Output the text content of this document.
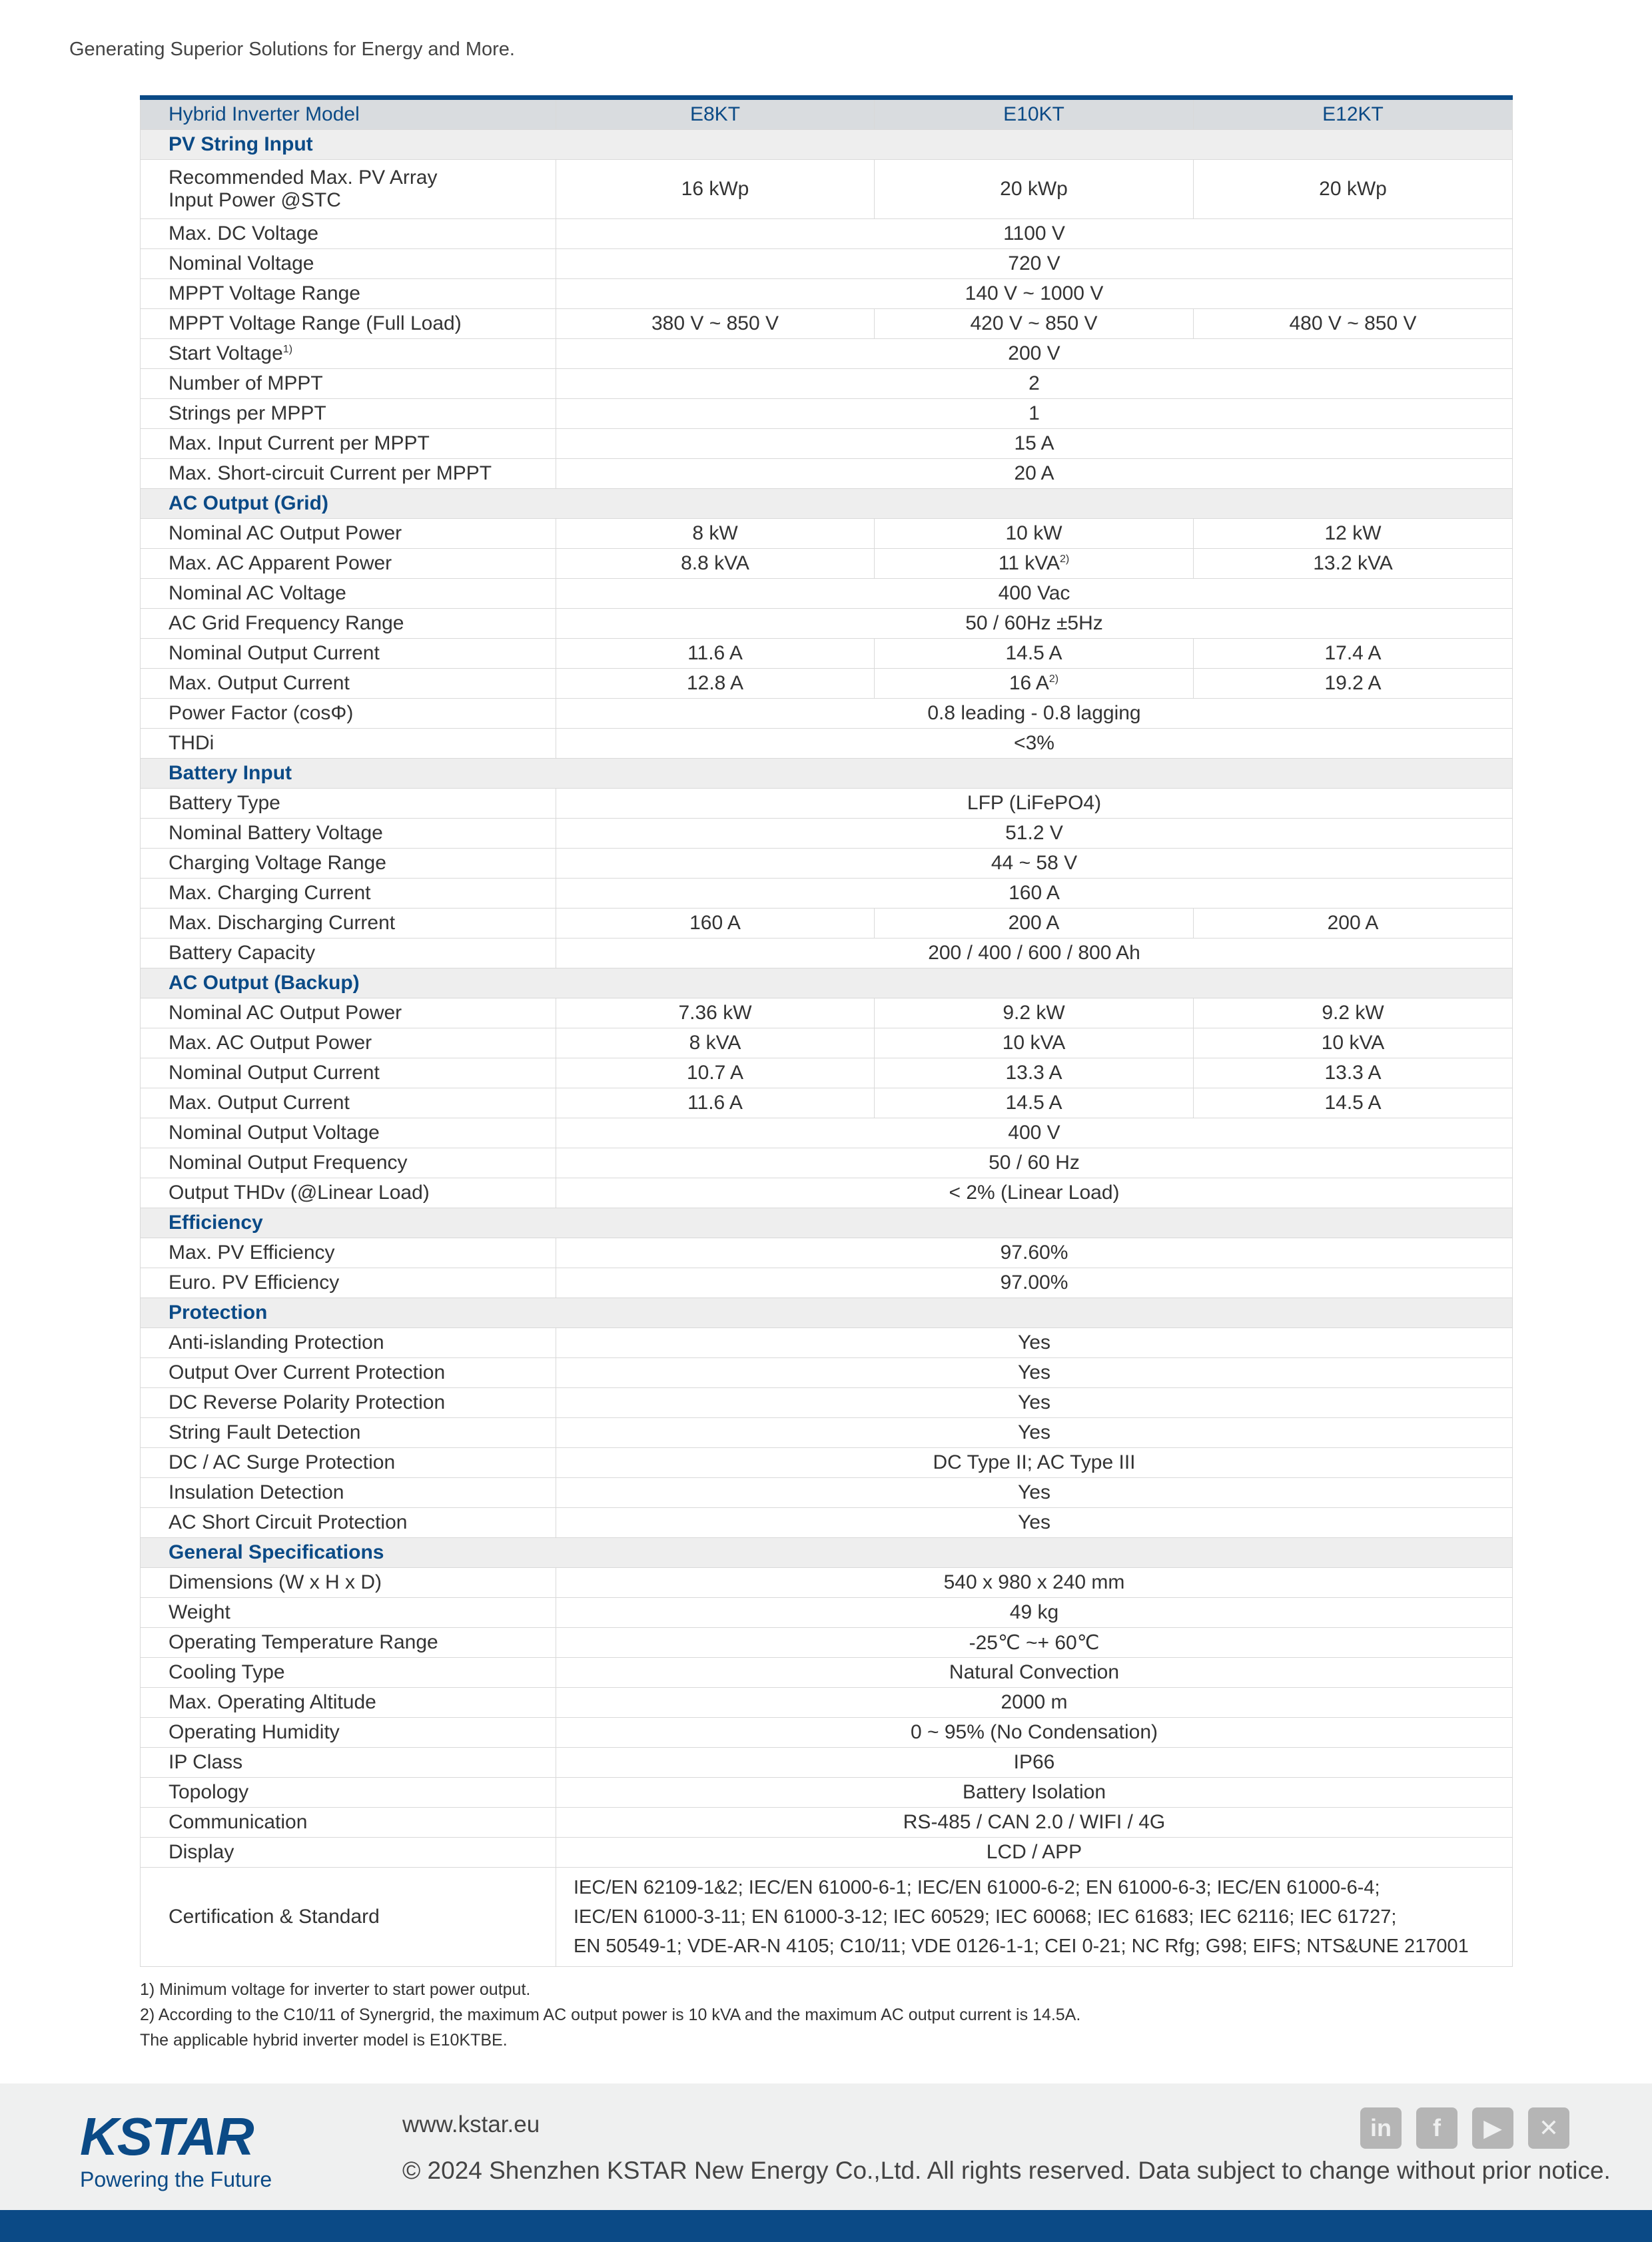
Generating Superior Solutions for Energy and More.
Hybrid Inverter Model	E8KT	E10KT	E12KT
PV String Input			
Recommended Max. PV Array
Input Power @STC	16 kWp	20 kWp	20 kWp
Max. DC Voltage	1100 V		
Nominal Voltage	720 V		
MPPT Voltage Range	140 V ~ 1000 V		
MPPT Voltage Range (Full Load)	380 V ~ 850 V	420 V ~ 850 V	480 V ~ 850 V
Start Voltage$^{1)}$	200 V		
Number of MPPT	2		
Strings per MPPT	1		
Max. Input Current per MPPT	15 A		
Max. Short-circuit Current per MPPT	20 A		
AC Output (Grid)			
Nominal AC Output Power	8 kW	10 kW	12 kW
Max. AC Apparent Power	8.8 kVA	11 kVA$^{2)}$	13.2 kVA
Nominal AC Voltage	400 Vac		
AC Grid Frequency Range	50 / 60Hz ±5Hz		
Nominal Output Current	11.6 A	14.5 A	17.4 A
Max. Output Current	12.8 A	16 $A^{2)}$	19.2 A
Power Factor (cosΦ)	0.8 leading - 0.8 lagging		
THDi	<3%		
Battery Input			
Battery Type	LFP (LiFePO4)		
Nominal Battery Voltage	51.2 V		
Charging Voltage Range	44 ~ 58 V		
Max. Charging Current	160 A		
Max. Discharging Current	160 A	200 A	200 A
Battery Capacity	200 / 400 / 600 / 800 Ah		
AC Output (Backup)			
Nominal AC Output Power	7.36 kW	9.2 kW	9.2 kW
Max. AC Output Power	8 kVA	10 kVA	10 kVA
Nominal Output Current	10.7 A	13.3 A	13.3 A
Max. Output Current	11.6 A	14.5 A	14.5 A
Nominal Output Voltage	400 V		
Nominal Output Frequency	50 / 60 Hz		
Output THDv (@Linear Load)	< 2% (Linear Load)		
Efficiency			
Max. PV Efficiency	97.60%		
Euro. PV Efficiency	97.00%		
Protection			
Anti-islanding Protection	Yes		
Output Over Current Protection	Yes		
DC Reverse Polarity Protection	Yes		
String Fault Detection	Yes		
DC / AC Surge Protection	DC Type II; AC Type III		
Insulation Detection	Yes		
AC Short Circuit Protection	Yes		
General Specifications			
Dimensions (W x H x D)	540 x 980 x 240 mm		
Weight	49 kg		
Operating Temperature Range	-25℃ ~+ 60℃		
Cooling Type	Natural Convection		
Max. Operating Altitude	2000 m		
Operating Humidity	0 ~ 95% (No Condensation)		
IP Class	IP66		
Topology	Battery Isolation		
Communication	RS-485 / CAN 2.0 / WIFI / 4G		
Display	LCD / APP		
Certification & Standard	IEC/EN 62109-1&2; IEC/EN 61000-6-1; IEC/EN 61000-6-2; EN 61000-6-3; IEC/EN 61000-6-4;
IEC/EN 61000-3-11; EN 61000-3-12; IEC 60529; IEC 60068; IEC 61683; IEC 62116; IEC 61727;
EN 50549-1; VDE-AR-N 4105; C10/11; VDE 0126-1-1; CEI 0-21; NC Rfg; G98; EIFS; NTS&UNE 217001		
1) Minimum voltage for inverter to start power output.
2) According to the C10/11 of Synergrid, the maximum AC output power is 10 kVA and the maximum AC output current is 14.5A.
The applicable hybrid inverter model is E10KTBE.
KSTAR
Powering the Future
www.kstar.eu
© 2024 Shenzhen KSTAR New Energy Co.,Ltd. All rights reserved. Data subject to change without prior notice.
in	f	▶	✕
